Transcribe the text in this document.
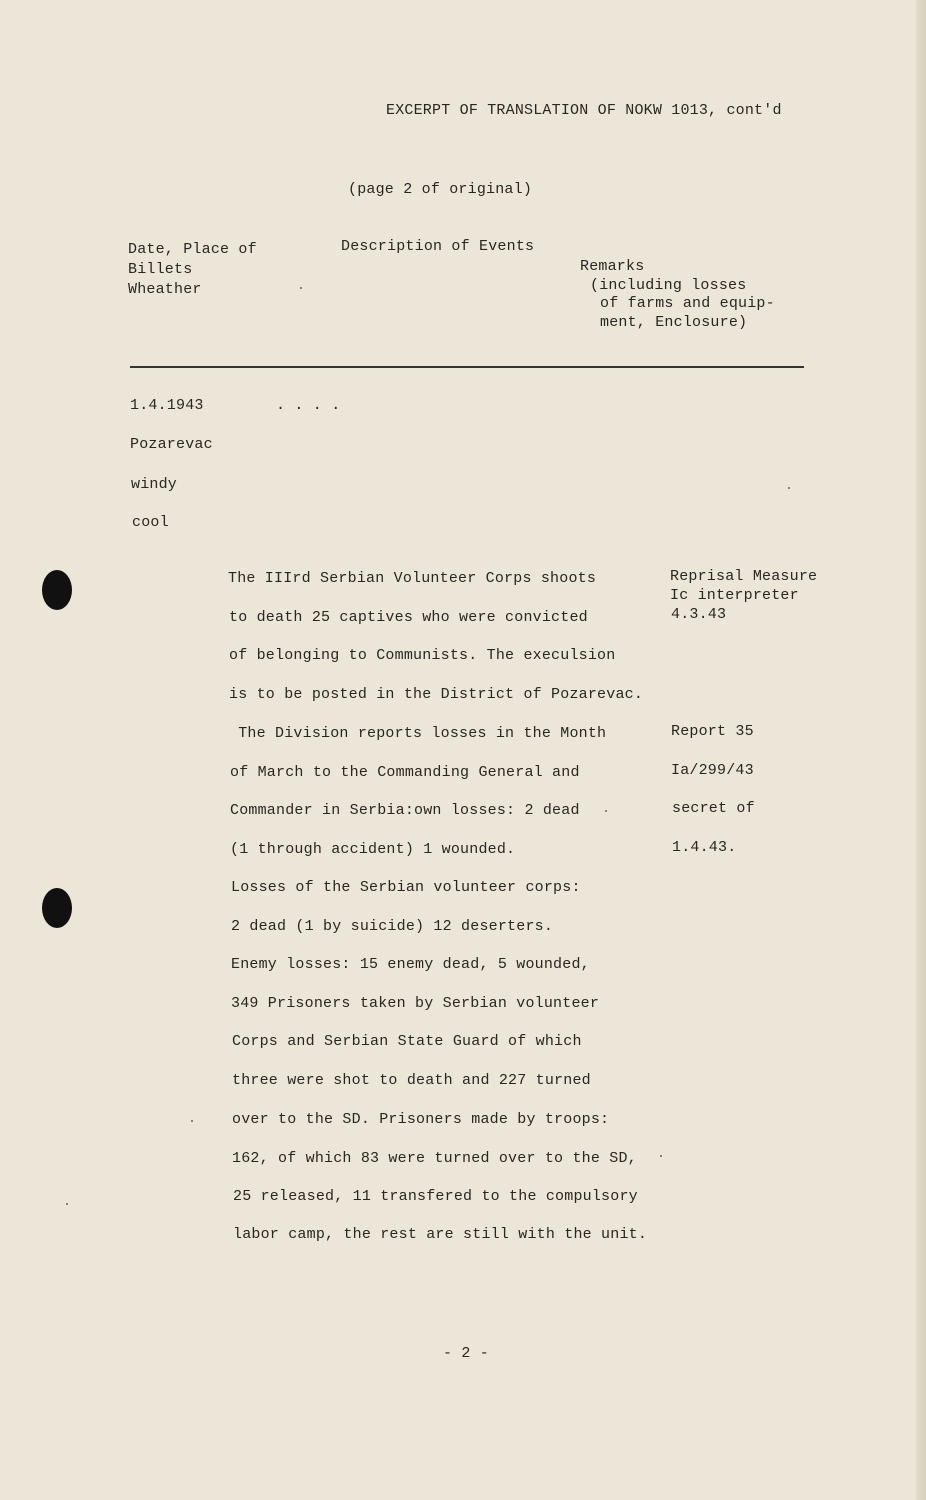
EXCERPT OF TRANSLATION OF NOKW 1013, cont'd
(page 2 of original)
Date, Place of
Billets
Wheather
Description of Events
Remarks
(including losses
of farms and equip-
ment, Enclosure)
1.4.1943	. . . .
Pozarevac
windy
cool
The IIIrd Serbian Volunteer Corps shoots
to death 25 captives who were convicted
of belonging to Communists. The execulsion
is to be posted in the District of Pozarevac.
The Division reports losses in the Month
of March to the Commanding General and
Commander in Serbia:own losses: 2 dead
(1 through accident) 1 wounded.
Losses of the Serbian volunteer corps:
2 dead (1 by suicide) 12 deserters.
Enemy losses: 15 enemy dead, 5 wounded,
349 Prisoners taken by Serbian volunteer
Corps and Serbian State Guard of which
three were shot to death and 227 turned
over to the SD. Prisoners made by troops:
162, of which 83 were turned over to the SD,
25 released, 11 transfered to the compulsory
labor camp, the rest are still with the unit.
Reprisal Measure
Ic interpreter
4.3.43
Report 35
Ia/299/43
secret of
1.4.43.
- 2 -
